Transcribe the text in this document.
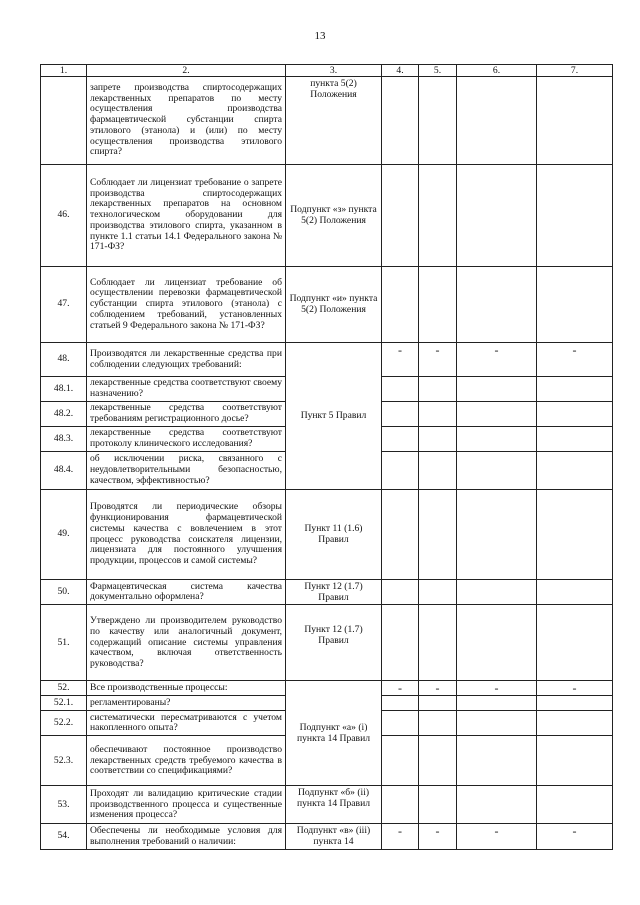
13
1.	2.	3.	4.	5.	6.	7.
	запрете производства спиртосодержащих лекарственных препаратов по месту осуществления производства фармацевтической субстанции спирта этилового (этанола) и (или) по месту осуществления производства этилового спирта?	пункта 5(2) Положения				
46.	Соблюдает ли лицензиат требование о запрете производства спиртосодержащих лекарственных препаратов на основном технологическом оборудовании для производства этилового спирта, указанном в пункте 1.1 статьи 14.1 Федерального закона № 171-ФЗ?	Подпункт «з» пункта 5(2) Положения				
47.	Соблюдает ли лицензиат требование об осуществлении перевозки фармацевтической субстанции спирта этилового (этанола) с соблюдением требований, установленных статьей 9 Федерального закона № 171-ФЗ?	Подпункт «и» пункта 5(2) Положения				
48.	Производятся ли лекарственные средства при соблюдении следующих требований:	Пункт 5 Правил	-	-	-	-
48.1.	лекарственные средства соответствуют своему назначению?					
48.2.	лекарственные средства соответствуют требованиям регистрационного досье?					
48.3.	лекарственные средства соответствуют протоколу клинического исследования?					
48.4.	об исключении риска, связанного с неудовлетворительными безопасностью, качеством, эффективностью?					
49.	Проводятся ли периодические обзоры функционирования фармацевтической системы качества с вовлечением в этот процесс руководства соискателя лицензии, лицензиата для постоянного улучшения продукции, процессов и самой системы?	Пункт 11 (1.6) Правил				
50.	Фармацевтическая система качества документально оформлена?	Пункт 12 (1.7) Правил				
51.	Утверждено ли производителем руководство по качеству или аналогичный документ, содержащий описание системы управления качеством, включая ответственность руководства?	Пункт 12 (1.7) Правил				
52.	Все производственные процессы:	Подпункт «а» (i) пункта 14 Правил	-	-	-	-
52.1.	регламентированы?					
52.2.	систематически пересматриваются с учетом накопленного опыта?					
52.3.	обеспечивают постоянное производство лекарственных средств требуемого качества в соответствии со спецификациями?					
53.	Проходят ли валидацию критические стадии производственного процесса и существенные изменения процесса?	Подпункт «б» (ii) пункта 14 Правил				
54.	Обеспечены ли необходимые условия для выполнения требований о наличии:	Подпункт «в» (iii) пункта 14	-	-	-	-
